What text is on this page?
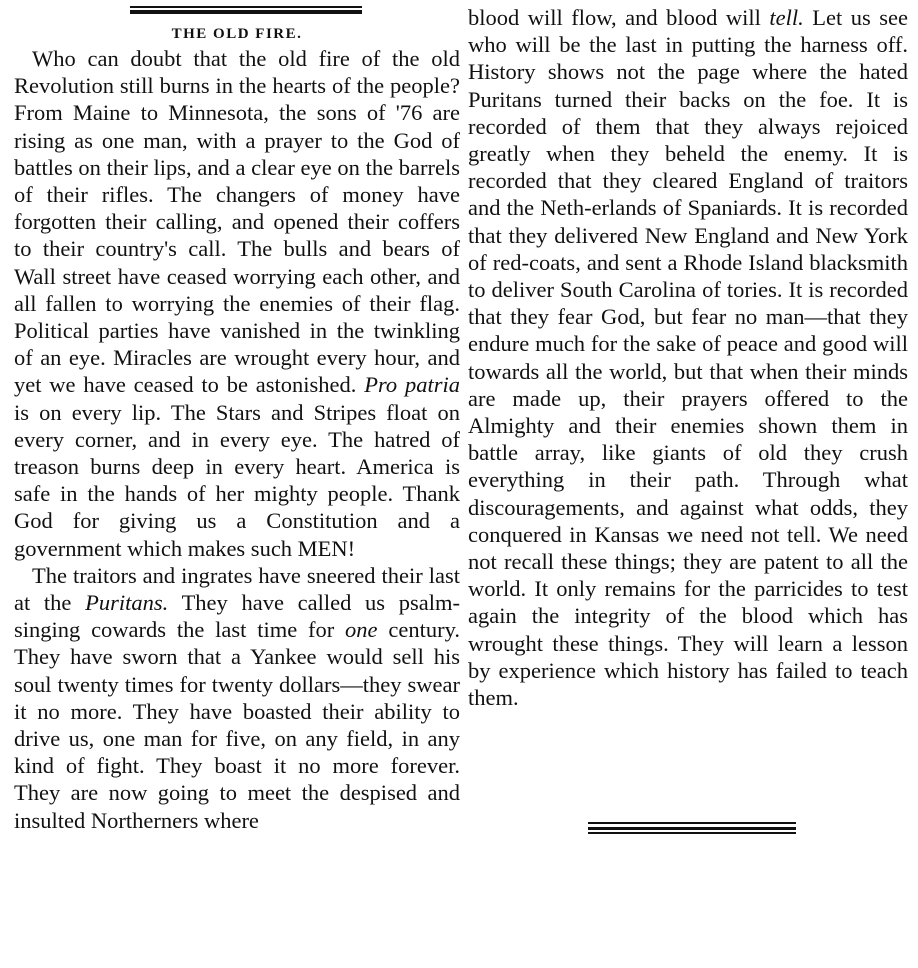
THE OLD FIRE.

Who can doubt that the old fire of the old Revolution still burns in the hearts of the people? From Maine to Minnesota, the sons of '76 are rising as one man, with a prayer to the God of battles on their lips, and a clear eye on the barrels of their rifles. The changers of money have forgotten their calling, and opened their coffers to their country's call. The bulls and bears of Wall street have ceased worrying each other, and all fallen to worrying the enemies of their flag. Political parties have vanished in the twinkling of an eye. Miracles are wrought every hour, and yet we have ceased to be astonished. Pro patria is on every lip. The Stars and Stripes float on every corner, and in every eye. The hatred of treason burns deep in every heart. America is safe in the hands of her mighty people. Thank God for giving us a Constitution and a government which makes such MEN!

The traitors and ingrates have sneered their last at the Puritans. They have called us psalm-singing cowards the last time for one century. They have sworn that a Yankee would sell his soul twenty times for twenty dollars—they swear it no more. They have boasted their ability to drive us, one man for five, on any field, in any kind of fight. They boast it no more forever. They are now going to meet the despised and insulted Northerners where

blood will flow, and blood will tell. Let us see who will be the last in putting the harness off. History shows not the page where the hated Puritans turned their backs on the foe. It is recorded of them that they always rejoiced greatly when they beheld the enemy. It is recorded that they cleared England of traitors and the Neth-erlands of Spaniards. It is recorded that they delivered New England and New York of red-coats, and sent a Rhode Island blacksmith to deliver South Carolina of tories. It is recorded that they fear God, but fear no man—that they endure much for the sake of peace and good will towards all the world, but that when their minds are made up, their prayers offered to the Almighty and their enemies shown them in battle array, like giants of old they crush everything in their path. Through what discouragements, and against what odds, they conquered in Kansas we need not tell. We need not recall these things; they are patent to all the world. It only remains for the parricides to test again the integrity of the blood which has wrought these things. They will learn a lesson by experience which history has failed to teach them.
